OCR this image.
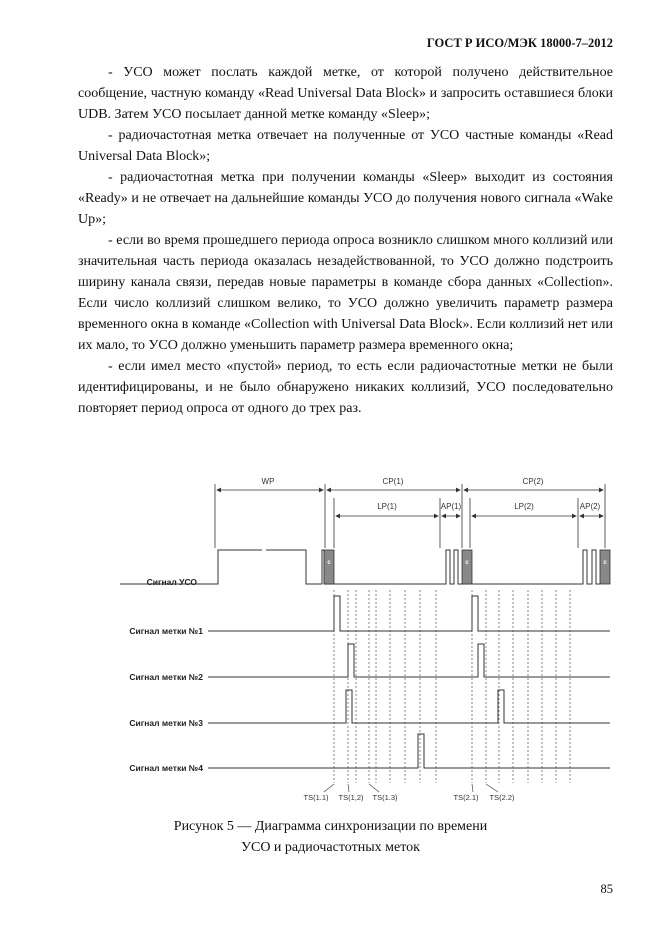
ГОСТ Р ИСО/МЭК 18000-7–2012

- УСО может послать каждой метке, от которой получено действительное сообщение, частную команду «Read Universal Data Block» и запросить оставшиеся блоки UDB. Затем УСО посылает данной метке команду «Sleep»;

- радиочастотная метка отвечает на полученные от УСО частные команды «Read Universal Data Block»;

- радиочастотная метка при получении команды «Sleep» выходит из состояния «Ready» и не отвечает на дальнейшие команды УСО до получения нового сигнала «Wake Up»;

- если во время прошедшего периода опроса возникло слишком много коллизий или значительная часть периода оказалась незадействованной, то УСО должно подстроить ширину канала связи, передав новые параметры в команде сбора данных «Collection». Если число коллизий слишком велико, то УСО должно увеличить параметр размера временного окна в команде «Collection with Universal Data Block». Если коллизий нет или их мало, то УСО должно уменьшить параметр размера временного окна;

- если имел место «пустой» период, то есть если радиочастотные метки не были идентифицированы, и не было обнаружено никаких коллизий, УСО последовательно повторяет период опроса от одного до трех раз.

WP	CP(1)	CP(2)
LP(1)	AP(1)	LP(2)	AP(2)
c	c	c
Сигнал УСО
Сигнал метки №1
Сигнал метки №2
Сигнал метки №3
Сигнал метки №4
TS(1.1) TS(1,2) TS(1.3)	TS(2.1) TS(2.2)
Рисунок 5 — Диаграмма синхронизации по времени
УСО и радиочастотных меток
85
